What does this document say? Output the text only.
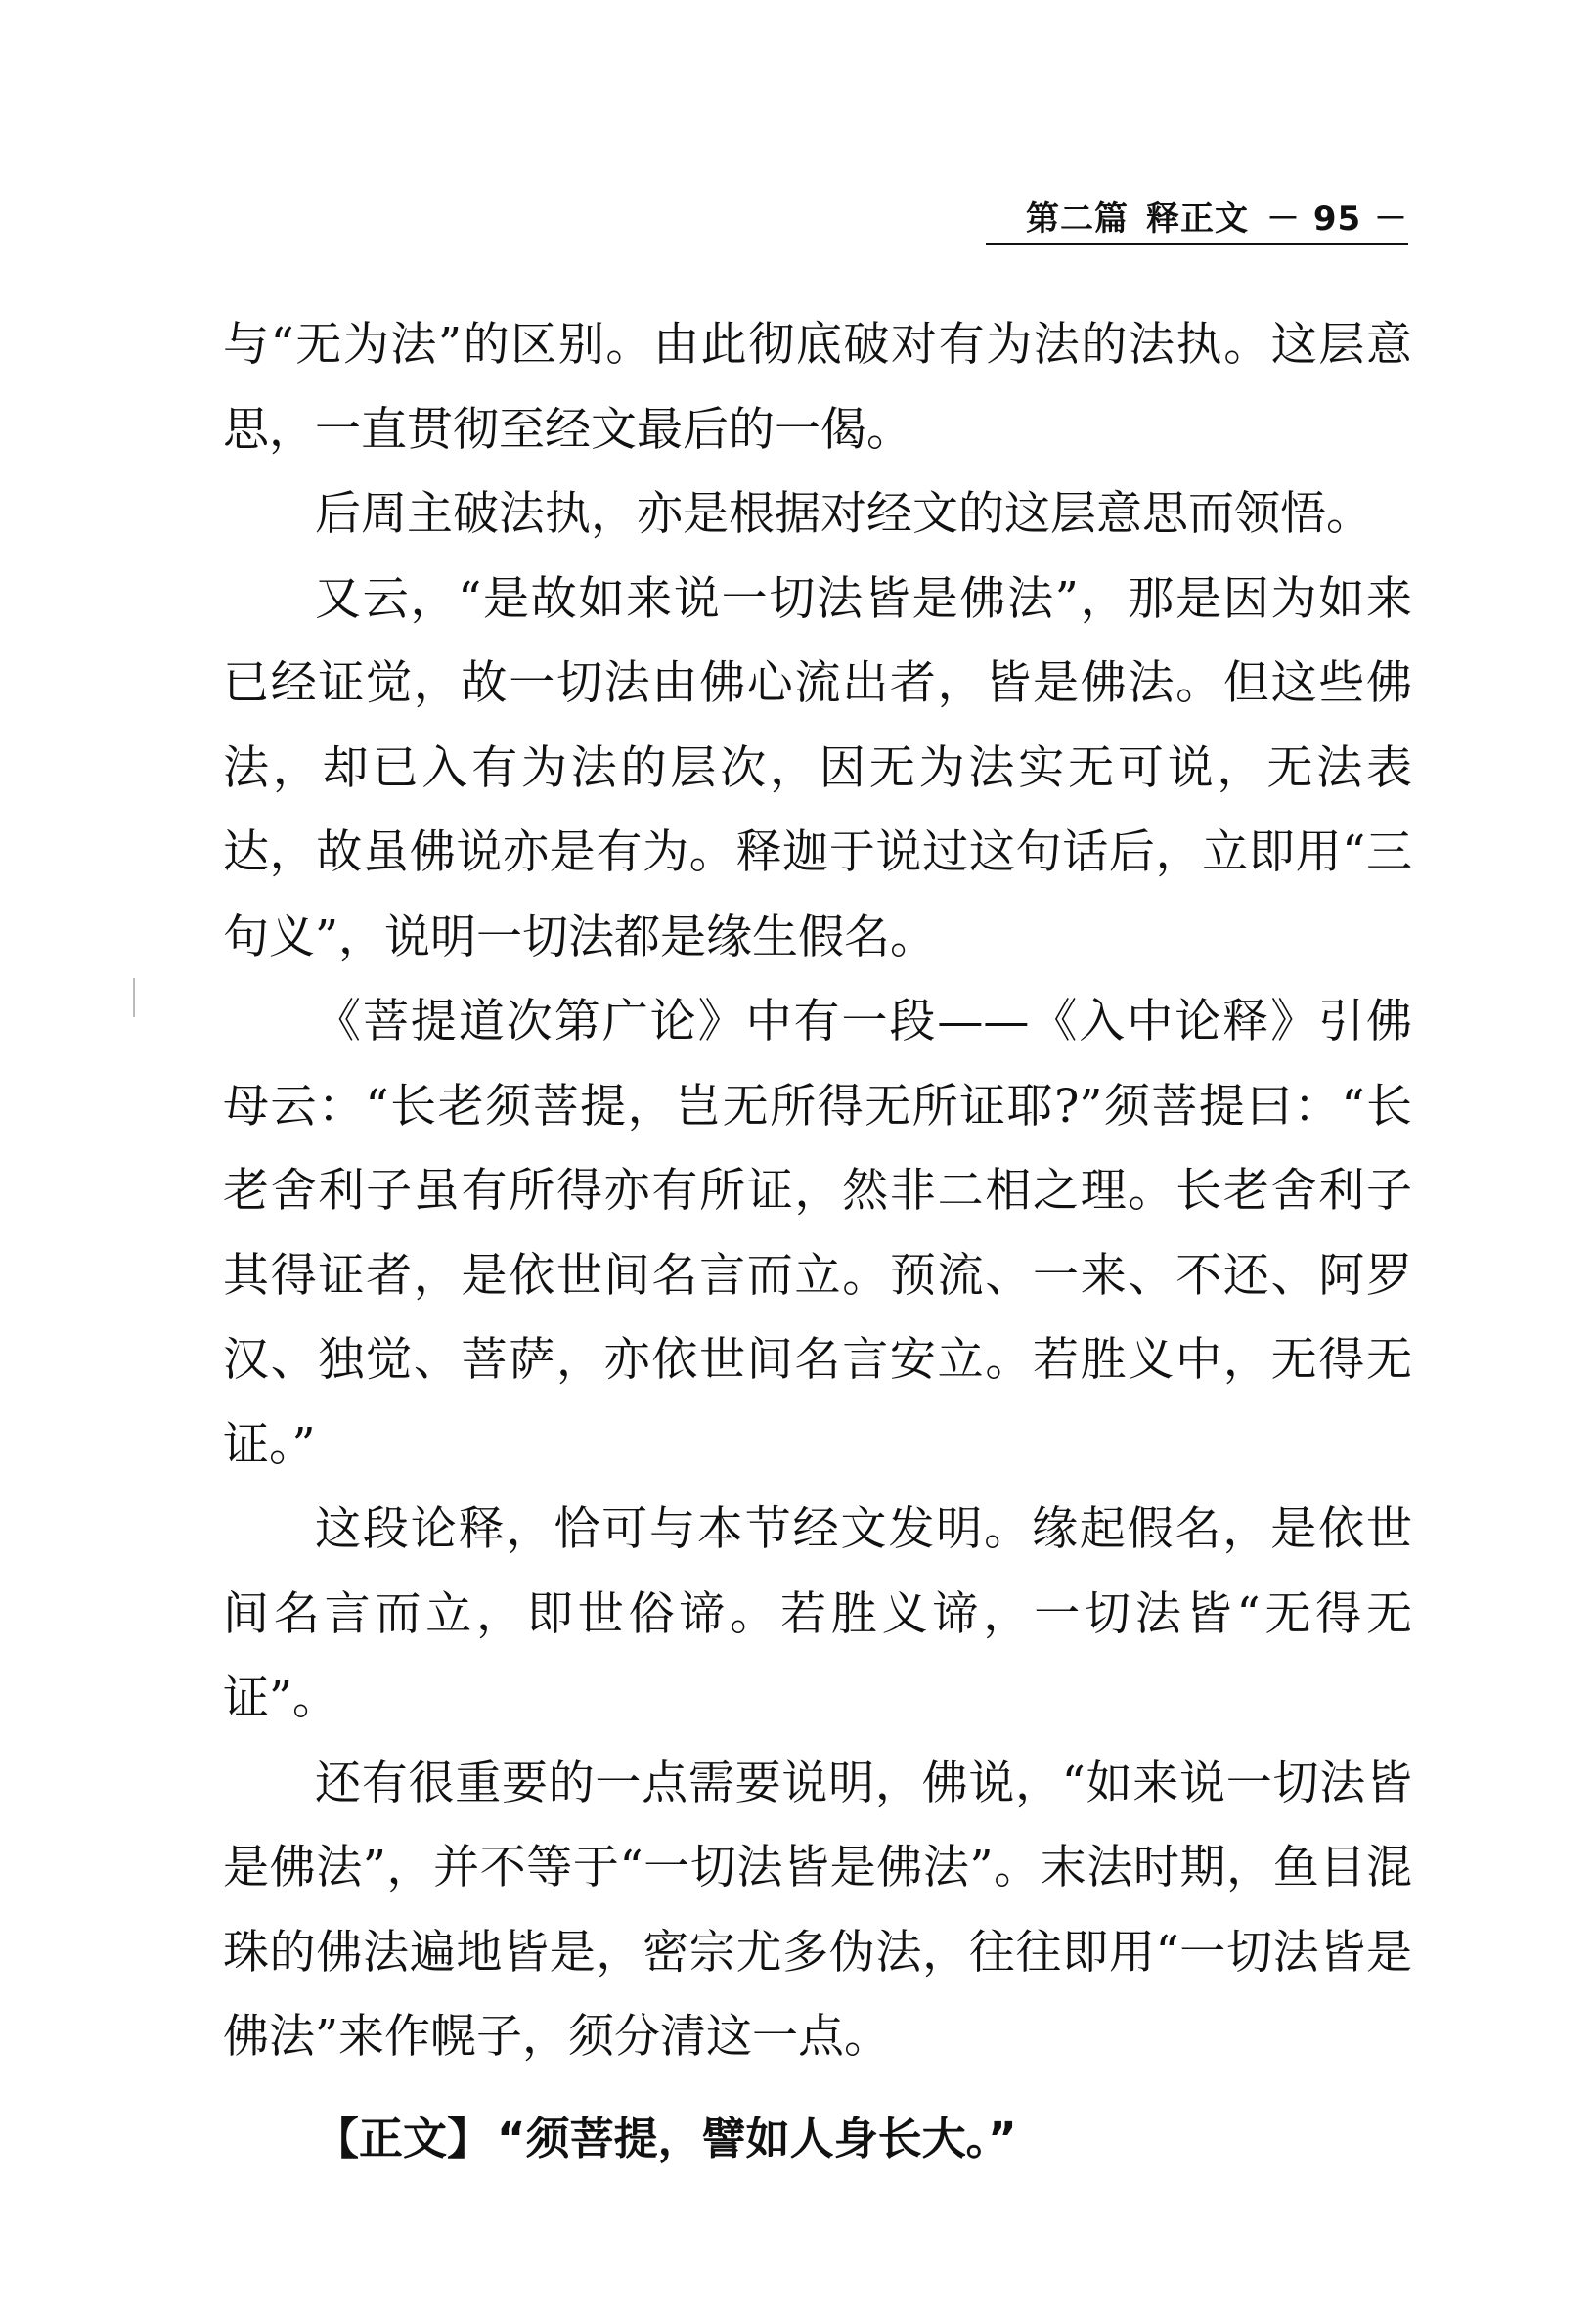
第二篇 释正文 － 95 －

与“无为法”的区别。由此彻底破对有为法的法执。这层意思，一直贯彻至经文最后的一偈。

后周主破法执，亦是根据对经文的这层意思而领悟。

又云，“是故如来说一切法皆是佛法”，那是因为如来已经证觉，故一切法由佛心流出者，皆是佛法。但这些佛法，却已入有为法的层次，因无为法实无可说，无法表达，故虽佛说亦是有为。释迦于说过这句话后，立即用“三句义”，说明一切法都是缘生假名。

《菩提道次第广论》中有一段——《入中论释》引佛母云：“长老须菩提，岂无所得无所证耶?”须菩提曰：“长老舍利子虽有所得亦有所证，然非二相之理。长老舍利子其得证者，是依世间名言而立。预流、一来、不还、阿罗汉、独觉、菩萨，亦依世间名言安立。若胜义中，无得无证。”

这段论释，恰可与本节经文发明。缘起假名，是依世间名言而立，即世俗谛。若胜义谛，一切法皆“无得无证”。

还有很重要的一点需要说明，佛说，“如来说一切法皆是佛法”，并不等于“一切法皆是佛法”。末法时期，鱼目混珠的佛法遍地皆是，密宗尤多伪法，往往即用“一切法皆是佛法”来作幌子，须分清这一点。

【正文】 “须菩提，譬如人身长大。”
